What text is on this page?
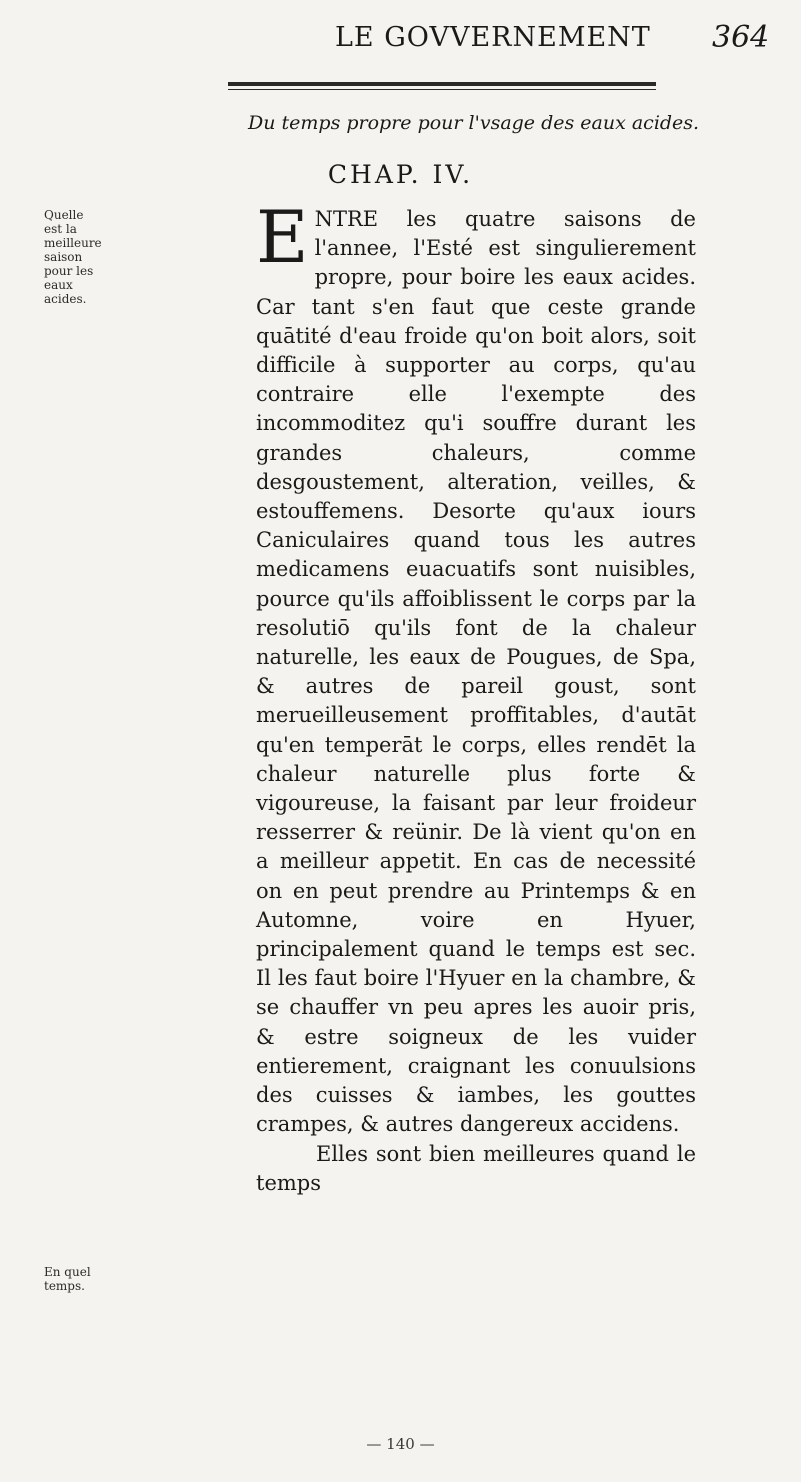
LE GOVVERNEMENT 364
Du temps propre pour l'vsage des eaux acides.
CHAP. IV.
Quelle est la meilleure saison pour les eaux acides.
En quel temps.
E NTRE les quatre saisons de l'annee, l'Esté est singulierement propre, pour boire les eaux acides. Car tant s'en faut que ceste grande quātité d'eau froide qu'on boit alors, soit difficile à supporter au corps, qu'au contraire elle l'exempte des incommoditez qu'i souffre durant les grandes chaleurs, comme desgoustement, alteration, veilles, & estouffemens. Desorte qu'aux iours Caniculaires quand tous les autres medicamens euacuatifs sont nuisibles, pource qu'ils affoiblissent le corps par la resolutiō qu'ils font de la chaleur naturelle, les eaux de Pougues, de Spa, & autres de pareil goust, sont merueilleusement proffitables, d'autāt qu'en temperāt le corps, elles rendēt la chaleur naturelle plus forte & vigoureuse, la faisant par leur froideur resserrer & reünir. De là vient qu'on en a meilleur appetit. En cas de necessité on en peut prendre au Printemps & en Automne, voire en Hyuer, principalement quand le temps est sec. Il les faut boire l'Hyuer en la chambre, & se chauffer vn peu apres les auoir pris, & estre soigneux de les vuider entierement, craignant les conuulsions des cuisses & iambes, les gouttes crampes, & autres dangereux accidens.

Elles sont bien meilleures quand le temps

— 140 —
